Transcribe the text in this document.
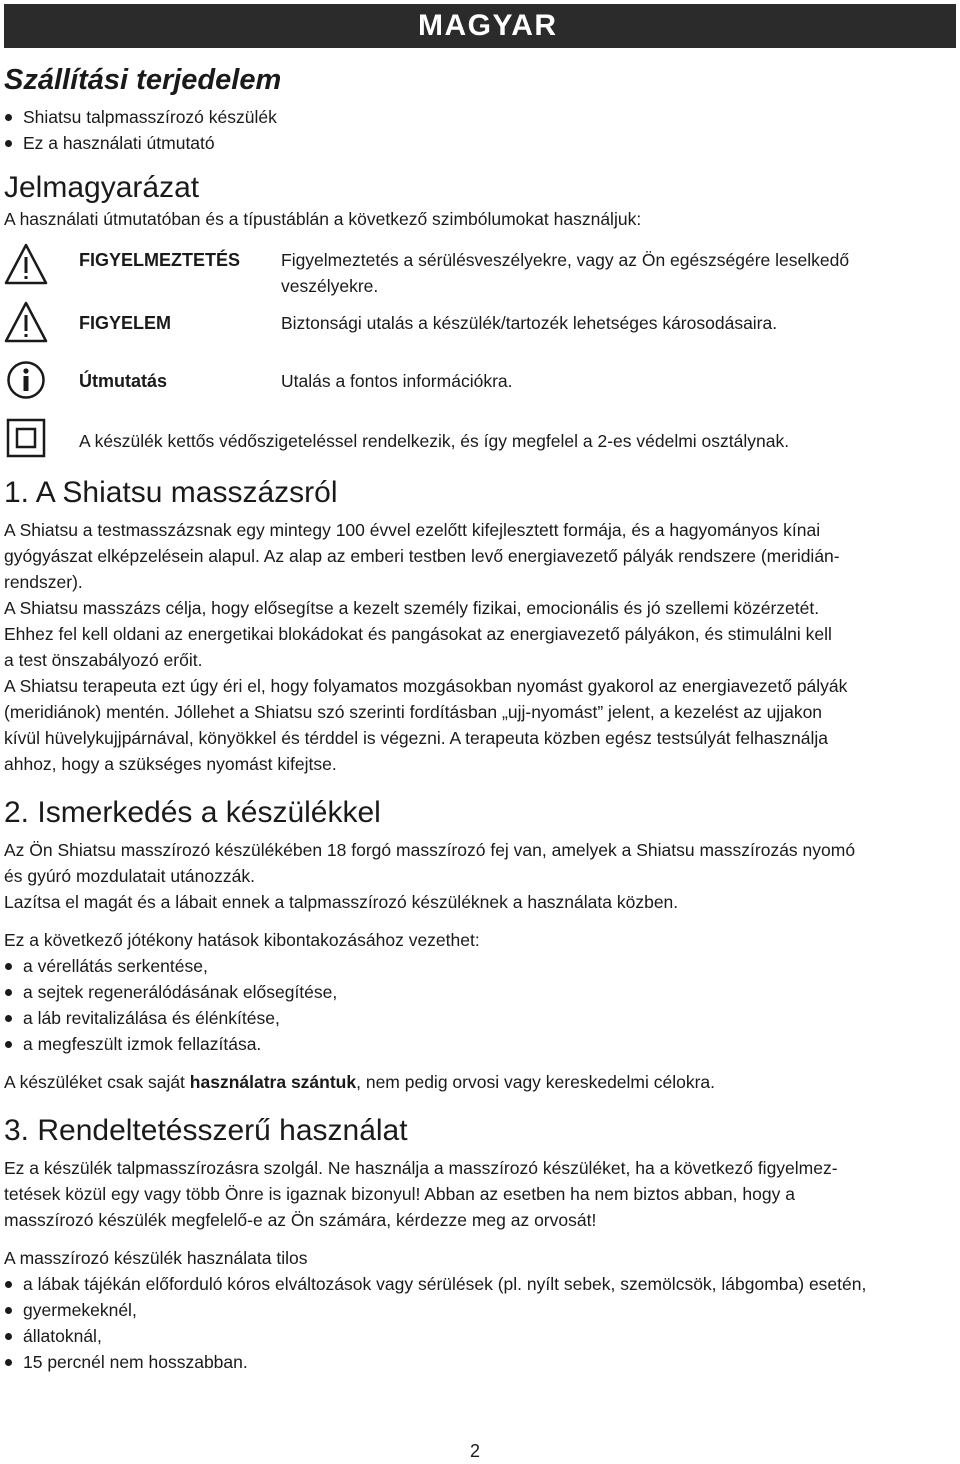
MAGYAR
Szállítási terjedelem
Shiatsu talpmasszírozó készülék
Ez a használati útmutató
Jelmagyarázat

A használati útmutatóban és a típustáblán a következő szimbólumokat használjuk:

FIGYELMEZTETÉS Figyelmeztetés a sérülésveszélyekre, vagy az Ön egészségére leselkedő
veszélyekre.
FIGYELEM	Biztonsági utalás a készülék/tartozék lehetséges károsodásaira.
Útmutatás	Utalás a fontos információkra.
A készülék kettős védőszigeteléssel rendelkezik, és így megfelel a 2-es védelmi osztálynak.
1. A Shiatsu masszázsról

A Shiatsu a testmasszázsnak egy mintegy 100 évvel ezelőtt kifejlesztett formája, és a hagyományos kínai

gyógyászat elképzelésein alapul. Az alap az emberi testben levő energiavezető pályák rendszere (meridián-

rendszer).

A Shiatsu masszázs célja, hogy elősegítse a kezelt személy fizikai, emocionális és jó szellemi közérzetét.

Ehhez fel kell oldani az energetikai blokádokat és pangásokat az energiavezető pályákon, és stimulálni kell

a test önszabályozó erőit.

A Shiatsu terapeuta ezt úgy éri el, hogy folyamatos mozgásokban nyomást gyakorol az energiavezető pályák

(meridiánok) mentén. Jóllehet a Shiatsu szó szerinti fordításban „ujj-nyomást” jelent, a kezelést az ujjakon

kívül hüvelykujjpárnával, könyökkel és térddel is végezni. A terapeuta közben egész testsúlyát felhasználja

ahhoz, hogy a szükséges nyomást kifejtse.

2. Ismerkedés a készülékkel

Az Ön Shiatsu masszírozó készülékében 18 forgó masszírozó fej van, amelyek a Shiatsu masszírozás nyomó

és gyúró mozdulatait utánozzák.

Lazítsa el magát és a lábait ennek a talpmasszírozó készüléknek a használata közben.

Ez a következő jótékony hatások kibontakozásához vezethet:

a vérellátás serkentése,
a sejtek regenerálódásának elősegítése,
a láb revitalizálása és élénkítése,
a megfeszült izmok fellazítása.

A készüléket csak saját használatra szántuk, nem pedig orvosi vagy kereskedelmi célokra.

3. Rendeltetésszerű használat

Ez a készülék talpmasszírozásra szolgál. Ne használja a masszírozó készüléket, ha a következő figyelmez-

tetések közül egy vagy több Önre is igaznak bizonyul! Abban az esetben ha nem biztos abban, hogy a

masszírozó készülék megfelelő-e az Ön számára, kérdezze meg az orvosát!

A masszírozó készülék használata tilos

a lábak tájékán előforduló kóros elváltozások vagy sérülések (pl. nyílt sebek, szemölcsök, lábgomba) esetén,
gyermekeknél,
állatoknál,
15 percnél nem hosszabban.
2
